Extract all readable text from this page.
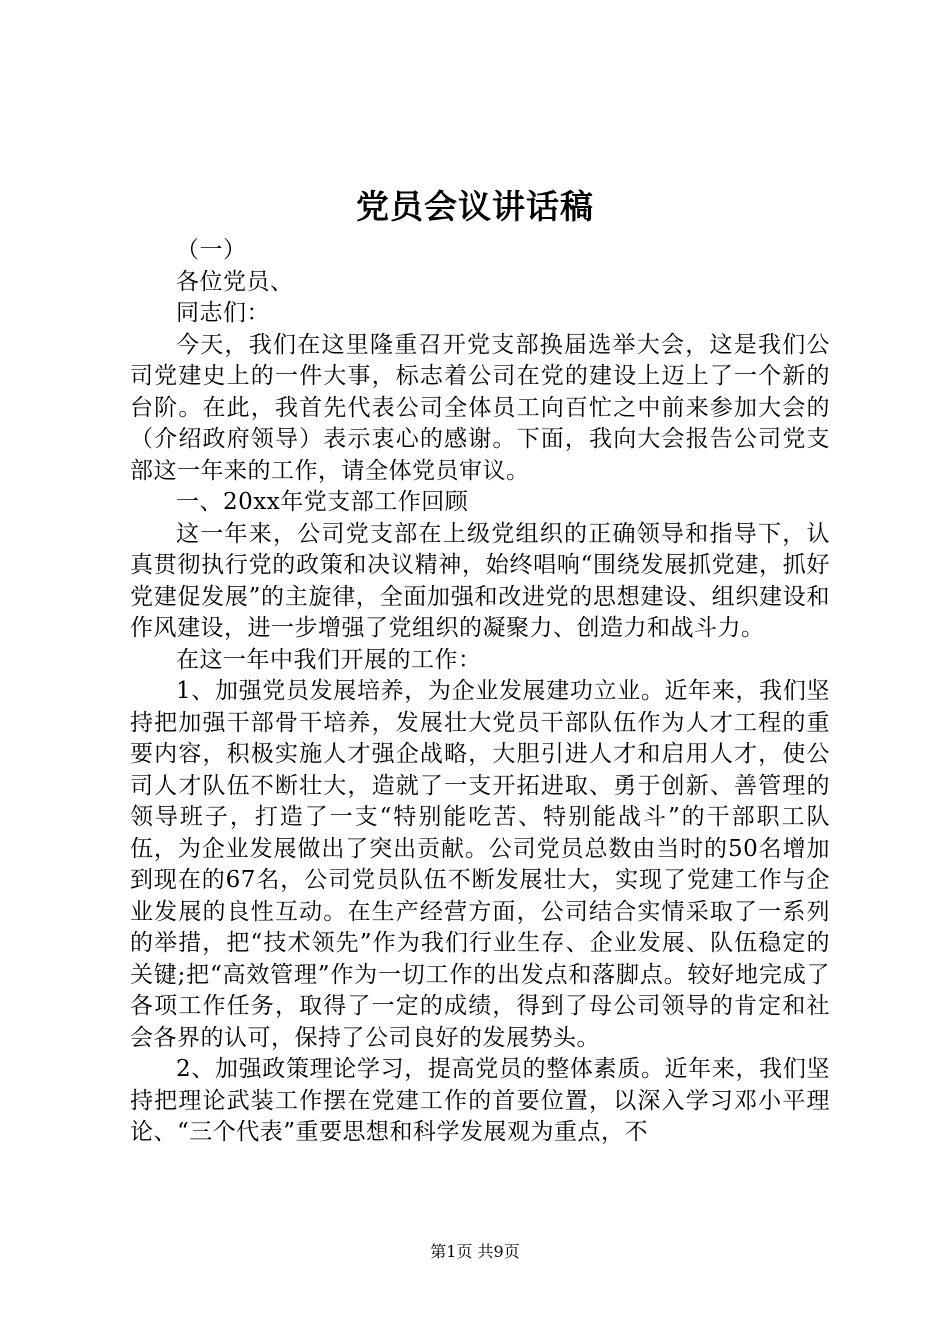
党员会议讲话稿

（一）

各位党员、

同志们：

今天，我们在这里隆重召开党支部换届选举大会，这是我们公司党建史上的一件大事，标志着公司在党的建设上迈上了一个新的台阶。在此，我首先代表公司全体员工向百忙之中前来参加大会的（介绍政府领导）表示衷心的感谢。下面，我向大会报告公司党支部这一年来的工作，请全体党员审议。

一、20xx年党支部工作回顾

这一年来，公司党支部在上级党组织的正确领导和指导下，认真贯彻执行党的政策和决议精神，始终唱响“围绕发展抓党建，抓好党建促发展”的主旋律，全面加强和改进党的思想建设、组织建设和作风建设，进一步增强了党组织的凝聚力、创造力和战斗力。

在这一年中我们开展的工作：

1、加强党员发展培养，为企业发展建功立业。近年来，我们坚持把加强干部骨干培养，发展壮大党员干部队伍作为人才工程的重要内容，积极实施人才强企战略，大胆引进人才和启用人才，使公司人才队伍不断壮大，造就了一支开拓进取、勇于创新、善管理的领导班子，打造了一支“特别能吃苦、特别能战斗”的干部职工队伍，为企业发展做出了突出贡献。公司党员总数由当时的50名增加到现在的67名，公司党员队伍不断发展壮大，实现了党建工作与企业发展的良性互动。在生产经营方面，公司结合实情采取了一系列的举措，把“技术领先”作为我们行业生存、企业发展、队伍稳定的关键;把“高效管理”作为一切工作的出发点和落脚点。较好地完成了各项工作任务，取得了一定的成绩，得到了母公司领导的肯定和社会各界的认可，保持了公司良好的发展势头。

2、加强政策理论学习，提高党员的整体素质。近年来，我们坚持把理论武装工作摆在党建工作的首要位置，以深入学习邓小平理论、“三个代表”重要思想和科学发展观为重点，不

第1页 共9页
